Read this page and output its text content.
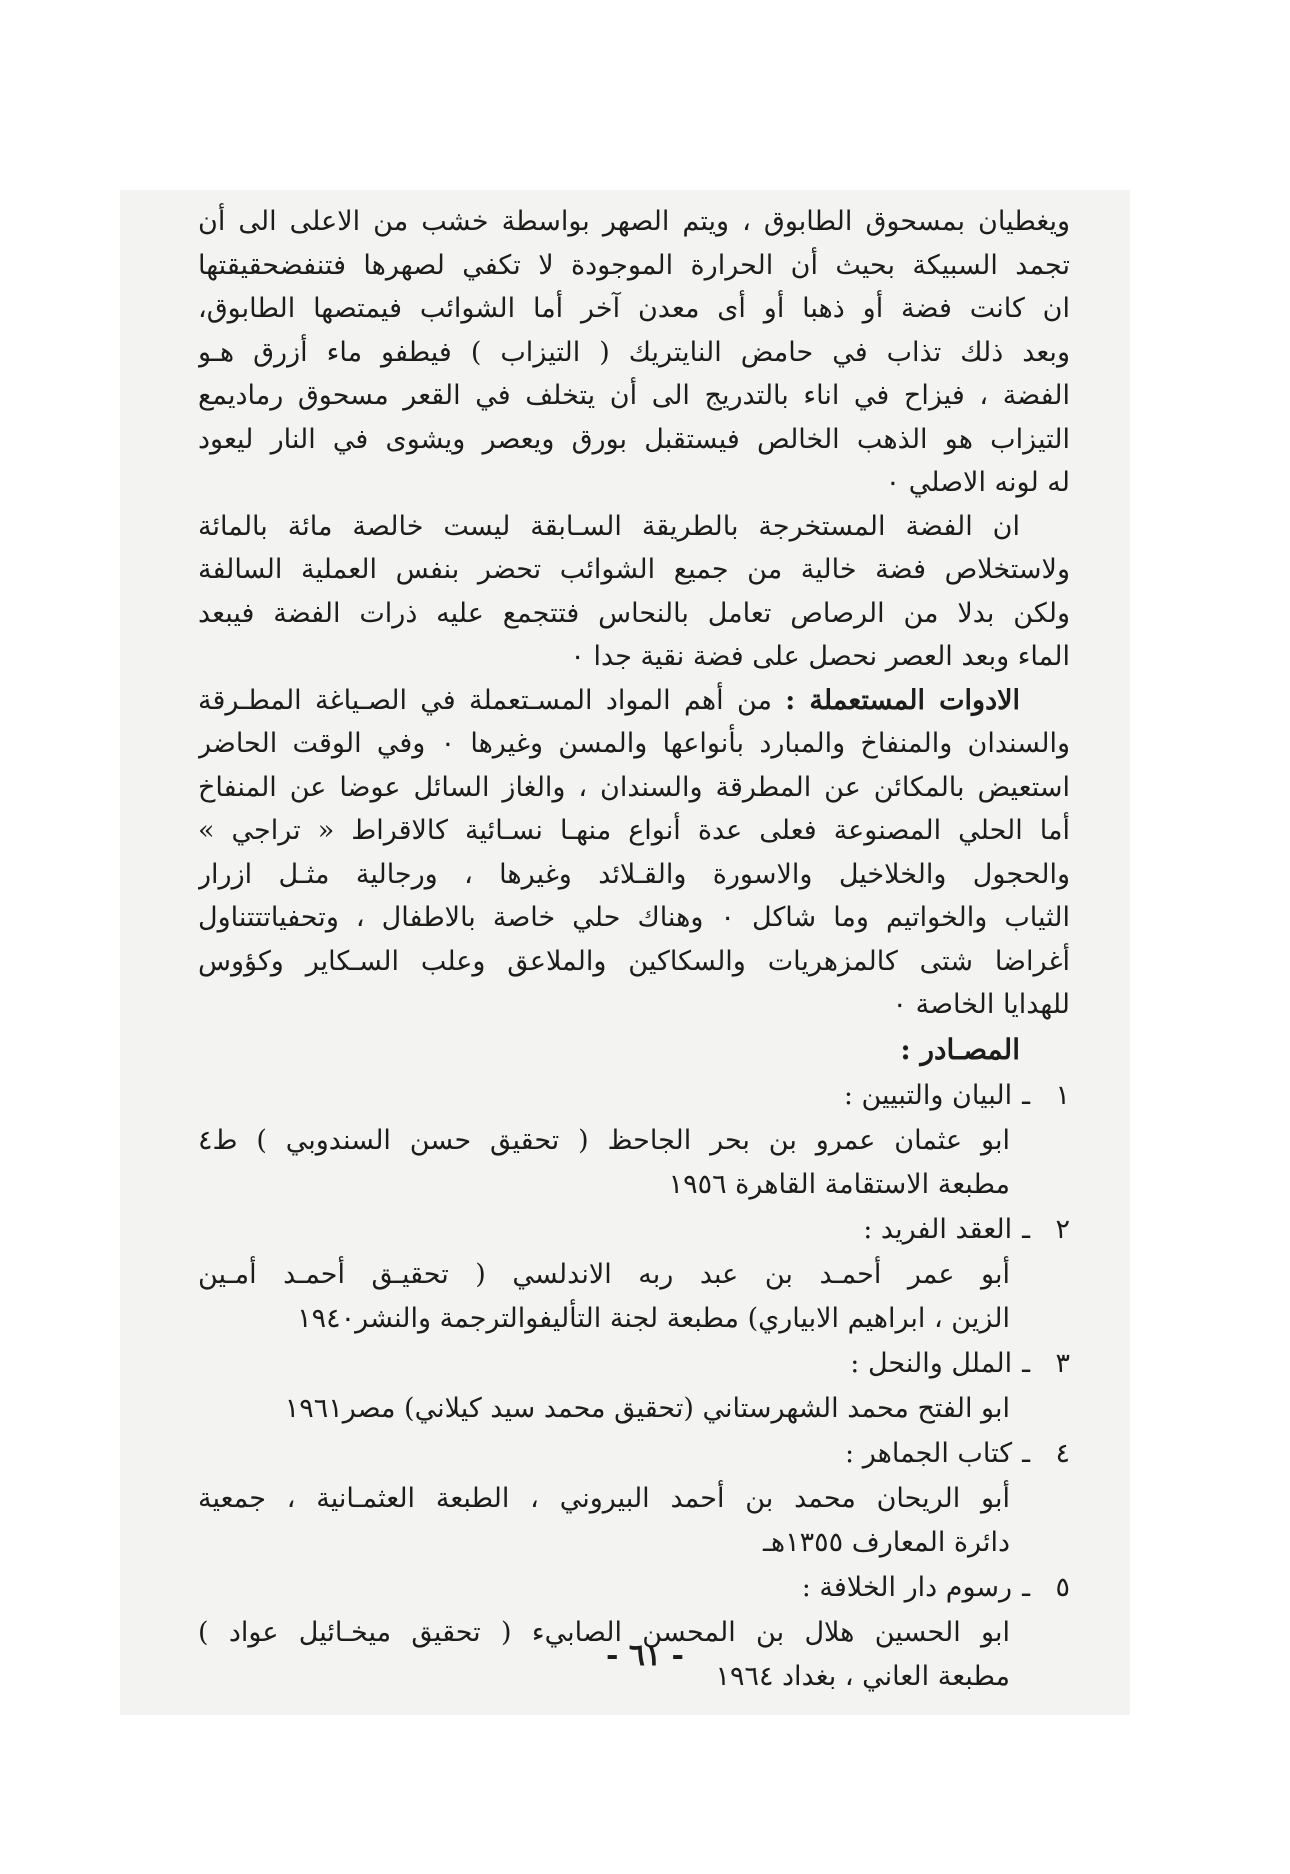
ويغطيان بمسحوق الطابوق ، ويتم الصهر بواسطة خشب من الاعلى الى أن
تجمد السبيكة بحيث أن الحرارة الموجودة لا تكفي لصهرها فتنفضحقيقتها
ان كانت فضة أو ذهبا أو أى معدن آخر أما الشوائب فيمتصها الطابوق،
وبعد ذلك تذاب في حامض النايتريك ( التيزاب ) فيطفو ماء أزرق هـو
الفضة ، فيزاح في اناء بالتدريج الى أن يتخلف في القعر مسحوق رماديمع
التيزاب هو الذهب الخالص فيستقبل بورق ويعصر ويشوى في النار ليعود
له لونه الاصلي ٠
ان الفضة المستخرجة بالطريقة السـابقة ليست خالصة مائة بالمائة
ولاستخلاص فضة خالية من جميع الشوائب تحضر بنفس العملية السالفة
ولكن بدلا من الرصاص تعامل بالنحاس فتتجمع عليه ذرات الفضة فيبعد
الماء وبعد العصر نحصل على فضة نقية جدا ٠
الادوات المستعملة : من أهم المواد المسـتعملة في الصـياغة المطـرقة
والسندان والمنفاخ والمبارد بأنواعها والمسن وغيرها ٠ وفي الوقت الحاضر
استعيض بالمكائن عن المطرقة والسندان ، والغاز السائل عوضا عن المنفاخ
أما الحلي المصنوعة فعلى عدة أنواع منهـا نسـائية كالاقراط « تراجي »
والحجول والخلاخيل والاسورة والقـلائد وغيرها ، ورجالية مثـل ازرار
الثياب والخواتيم وما شاكل ٠ وهناك حلي خاصة بالاطفال ، وتحفياتتتناول
أغراضا شتى كالمزهريات والسكاكين والملاعق وعلب السـكاير وكؤوس
للهدايا الخاصة ٠
المصـادر :
١ـالبيان والتبيين :
ابو عثمان عمرو بن بحر الجاحظ ( تحقيق حسن السندوبي ) ط٤
مطبعة الاستقامة القاهرة ١٩٥٦
٢ـالعقد الفريد :
أبو عمر أحمـد بن عبد ربه الاندلسي ( تحقيـق أحمـد أمـين
الزين ، ابراهيم الابياري) مطبعة لجنة التأليفوالترجمة والنشر١٩٤٠
٣ـالملل والنحل :
ابو الفتح محمد الشهرستاني (تحقيق محمد سيد كيلاني) مصر١٩٦١
٤ـكتاب الجماهر :
أبو الريحان محمد بن أحمد البيروني ، الطبعة العثمـانية ، جمعية
دائرة المعارف ١٣٥٥هـ
٥ـرسوم دار الخلافة :
ابو الحسين هلال بن المحسن الصابيء ( تحقيق ميخـائيل عواد )
مطبعة العاني ، بغداد ١٩٦٤
- ٦١ -
